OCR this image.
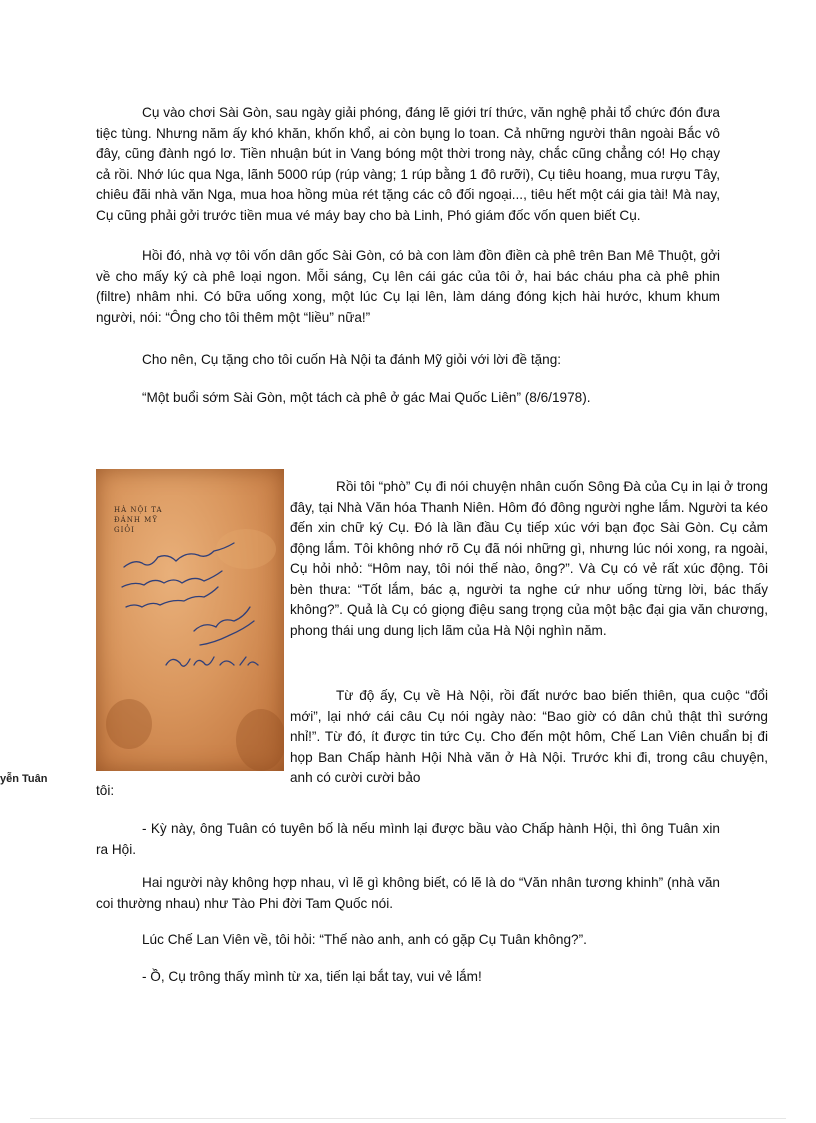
Cụ vào chơi Sài Gòn, sau ngày giải phóng, đáng lẽ giới trí thức, văn nghệ phải tổ chức đón đưa tiệc tùng. Nhưng năm ấy khó khăn, khốn khổ, ai còn bụng lo toan. Cả những người thân ngoài Bắc vô đây, cũng đành ngó lơ. Tiền nhuận bút in Vang bóng một thời trong này, chắc cũng chẳng có! Họ chạy cả rồi. Nhớ lúc qua Nga, lãnh 5000 rúp (rúp vàng; 1 rúp bằng 1 đô rưỡi), Cụ tiêu hoang, mua rượu Tây, chiêu đãi nhà văn Nga, mua hoa hồng mùa rét tặng các cô đối ngoại..., tiêu hết một cái gia tài! Mà nay, Cụ cũng phải gởi trước tiền mua vé máy bay cho bà Linh, Phó giám đốc vốn quen biết Cụ.

Hồi đó, nhà vợ tôi vốn dân gốc Sài Gòn, có bà con làm đồn điền cà phê trên Ban Mê Thuột, gởi về cho mấy ký cà phê loại ngon. Mỗi sáng, Cụ lên cái gác của tôi ở, hai bác cháu pha cà phê phin (filtre) nhâm nhi. Có bữa uống xong, một lúc Cụ lại lên, làm dáng đóng kịch hài hước, khum khum người, nói: “Ông cho tôi thêm một “liều” nữa!”

Cho nên, Cụ tặng cho tôi cuốn Hà Nội ta đánh Mỹ giỏi với lời đề tặng:

“Một buổi sớm Sài Gòn, một tách cà phê ở gác Mai Quốc Liên” (8/6/1978).

HÀ NỘI TA ĐÁNH MỸ GIỎI
yễn Tuân

Rồi tôi “phò” Cụ đi nói chuyện nhân cuốn Sông Đà của Cụ in lại ở trong đây, tại Nhà Văn hóa Thanh Niên. Hôm đó đông người nghe lắm. Người ta kéo đến xin chữ ký Cụ. Đó là lần đầu Cụ tiếp xúc với bạn đọc Sài Gòn. Cụ cảm động lắm. Tôi không nhớ rõ Cụ đã nói những gì, nhưng lúc nói xong, ra ngoài, Cụ hỏi nhỏ: “Hôm nay, tôi nói thế nào, ông?”. Và Cụ có vẻ rất xúc động. Tôi bèn thưa: “Tốt lắm, bác ạ, người ta nghe cứ như uống từng lời, bác thấy không?”. Quả là Cụ có giọng điệu sang trọng của một bậc đại gia văn chương, phong thái ung dung lịch lãm của Hà Nội nghìn năm.

Từ độ ấy, Cụ về Hà Nội, rồi đất nước bao biến thiên, qua cuộc “đổi mới”, lại nhớ cái câu Cụ nói ngày nào: “Bao giờ có dân chủ thật thì sướng nhỉ!”. Từ đó, ít được tin tức Cụ. Cho đến một hôm, Chế Lan Viên chuẩn bị đi họp Ban Chấp hành Hội Nhà văn ở Hà Nội. Trước khi đi, trong câu chuyện, anh có cười cười bảo

tôi:

- Kỳ này, ông Tuân có tuyên bố là nếu mình lại được bầu vào Chấp hành Hội, thì ông Tuân xin ra Hội.

Hai người này không hợp nhau, vì lẽ gì không biết, có lẽ là do “Văn nhân tương khinh” (nhà văn coi thường nhau) như Tào Phi đời Tam Quốc nói.

Lúc Chế Lan Viên về, tôi hỏi: “Thế nào anh, anh có gặp Cụ Tuân không?”.

- Ồ, Cụ trông thấy mình từ xa, tiến lại bắt tay, vui vẻ lắm!
